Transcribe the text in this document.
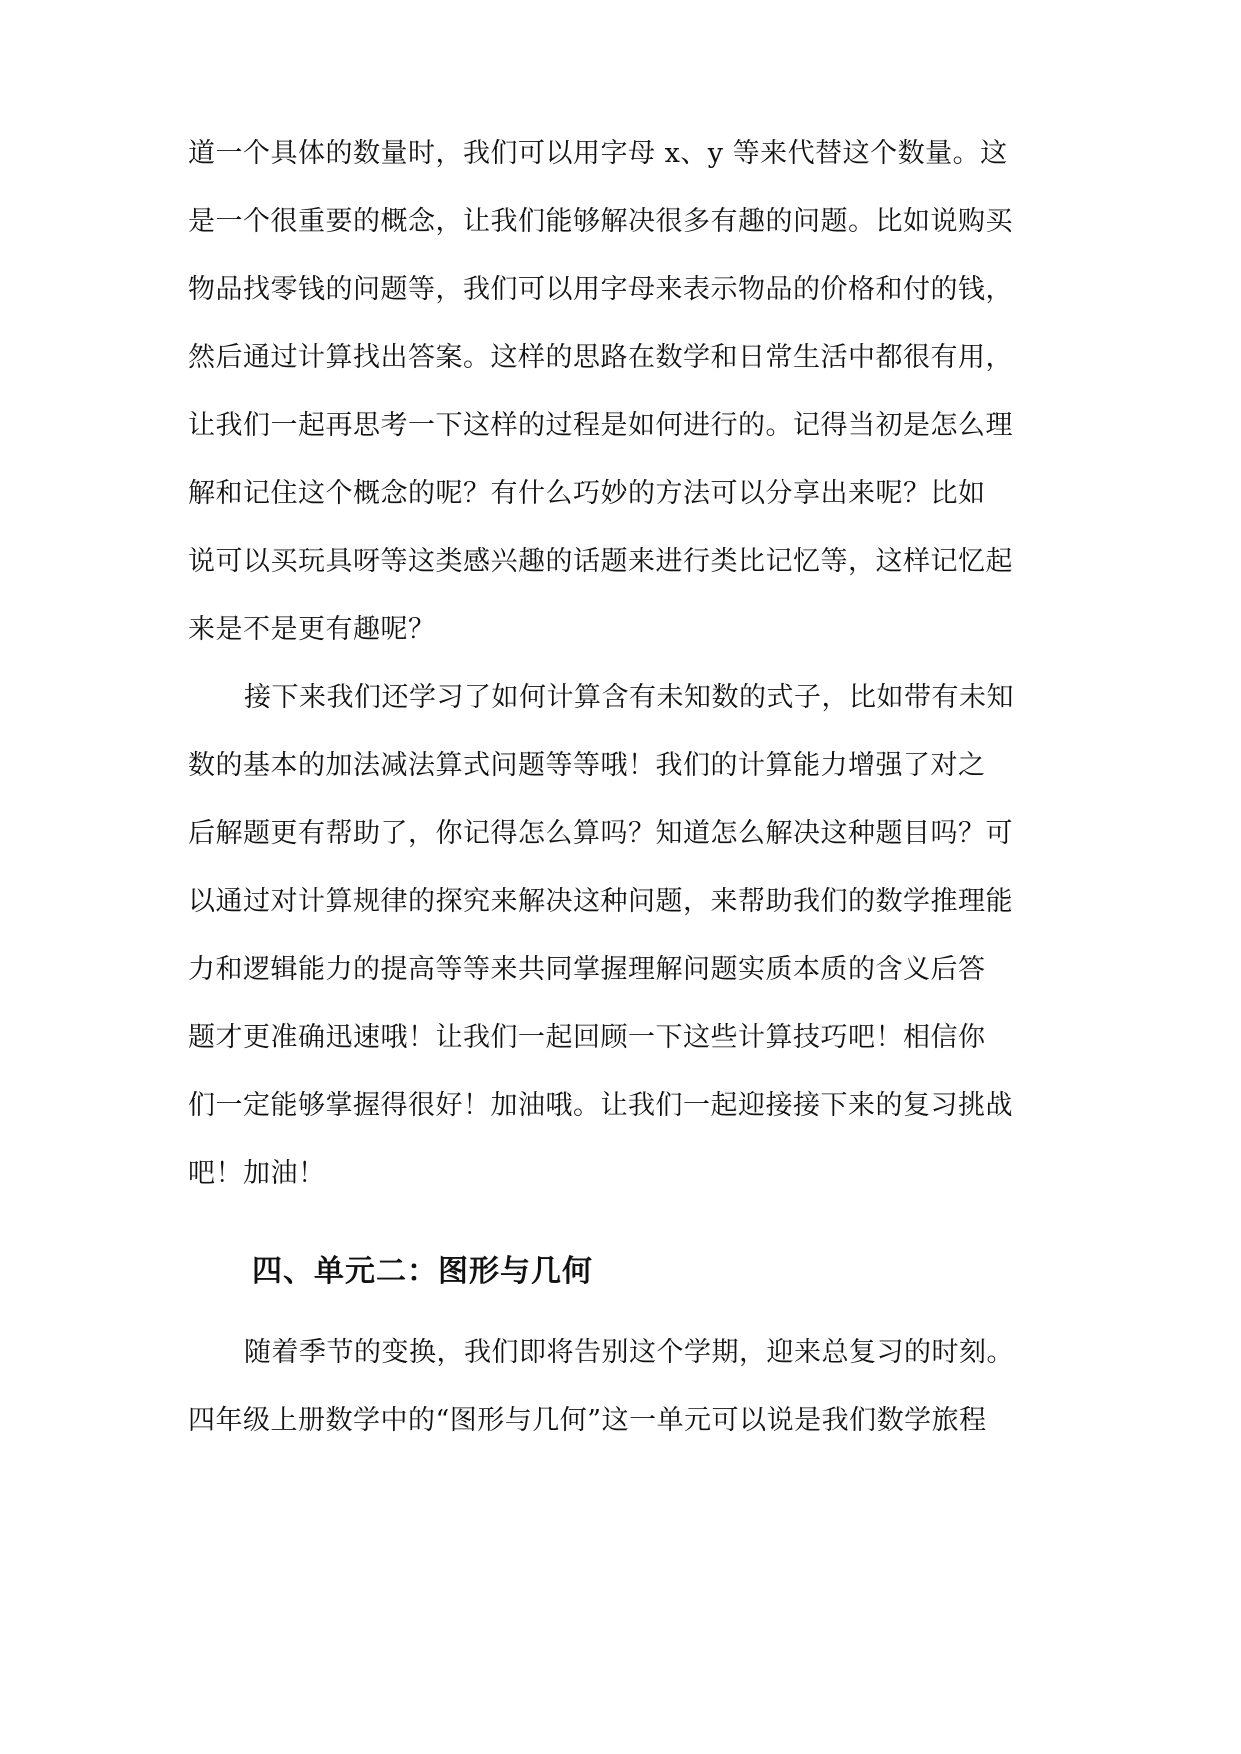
道一个具体的数量时，我们可以用字母 x、y 等来代替这个数量。这
是一个很重要的概念，让我们能够解决很多有趣的问题。比如说购买
物品找零钱的问题等，我们可以用字母来表示物品的价格和付的钱，
然后通过计算找出答案。这样的思路在数学和日常生活中都很有用，
让我们一起再思考一下这样的过程是如何进行的。记得当初是怎么理
解和记住这个概念的呢？有什么巧妙的方法可以分享出来呢？比如
说可以买玩具呀等这类感兴趣的话题来进行类比记忆等，这样记忆起
来是不是更有趣呢？
接下来我们还学习了如何计算含有未知数的式子，比如带有未知
数的基本的加法减法算式问题等等哦！我们的计算能力增强了对之
后解题更有帮助了，你记得怎么算吗？知道怎么解决这种题目吗？可
以通过对计算规律的探究来解决这种问题，来帮助我们的数学推理能
力和逻辑能力的提高等等来共同掌握理解问题实质本质的含义后答
题才更准确迅速哦！让我们一起回顾一下这些计算技巧吧！相信你
们一定能够掌握得很好！加油哦。让我们一起迎接接下来的复习挑战
吧！加油！
四、单元二：图形与几何
随着季节的变换，我们即将告别这个学期，迎来总复习的时刻。
四年级上册数学中的“图形与几何”这一单元可以说是我们数学旅程
